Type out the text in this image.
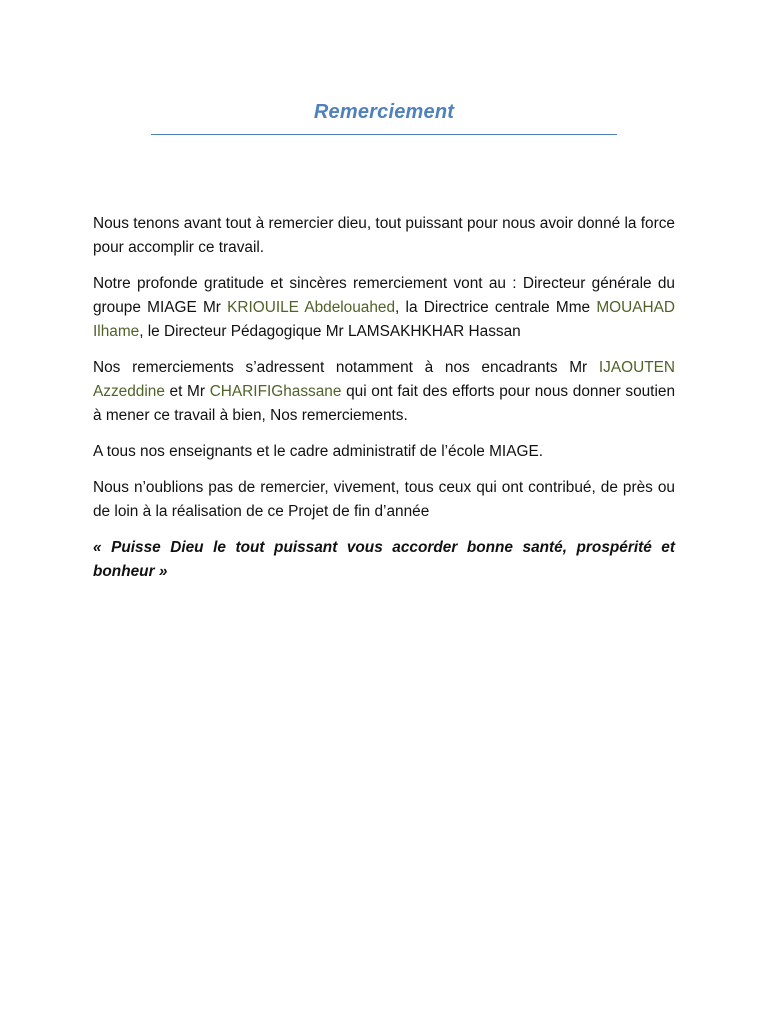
Remerciement

Nous tenons avant tout à remercier dieu, tout puissant pour nous avoir donné la force pour accomplir ce travail.

Notre profonde gratitude et sincères remerciement vont au : Directeur générale du groupe MIAGE Mr KRIOUILE Abdelouahed, la Directrice centrale Mme MOUAHAD Ilhame, le Directeur Pédagogique Mr LAMSAKHKHAR Hassan

Nos remerciements s’adressent notamment à nos encadrants Mr IJAOUTEN Azzeddine et Mr CHARIFIGhassane qui ont fait des efforts pour nous donner soutien à mener ce travail à bien, Nos remerciements.

A tous nos enseignants et le cadre administratif de l’école MIAGE.

Nous n’oublions pas de remercier, vivement, tous ceux qui ont contribué, de près ou de loin à la réalisation de ce Projet de fin d’année

« Puisse Dieu le tout puissant vous accorder bonne santé, prospérité et bonheur »
